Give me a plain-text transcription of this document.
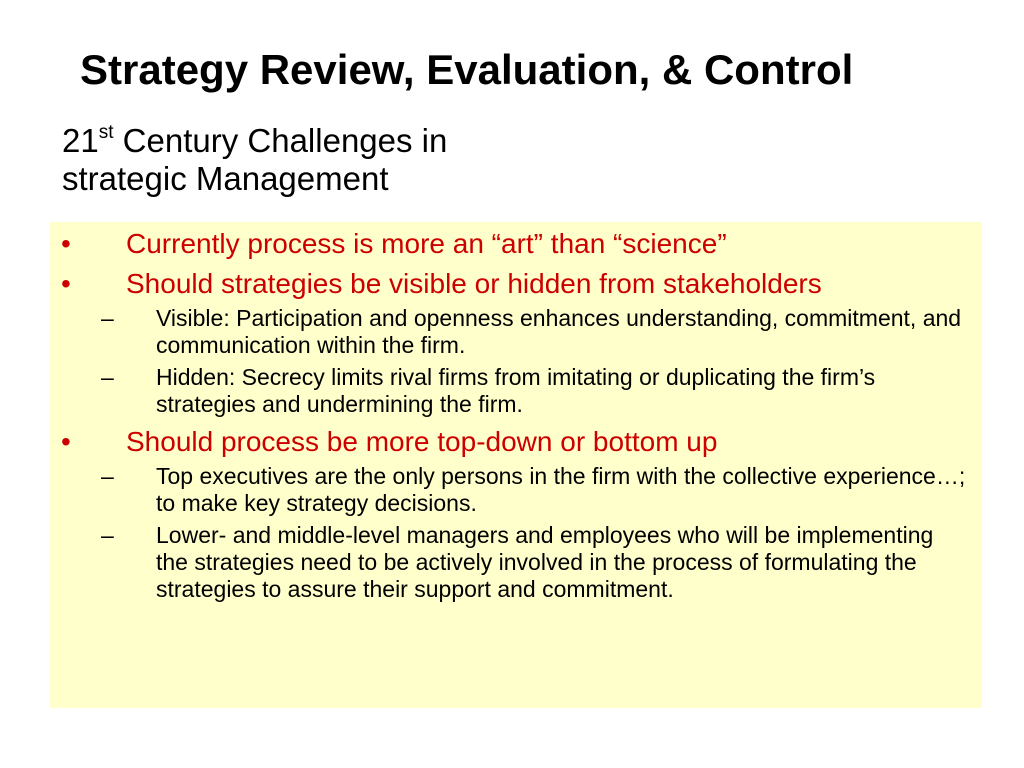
Strategy Review, Evaluation, & Control
21st Century Challenges in
strategic Management
• Currently process is more an “art” than “science”
• Should strategies be visible or hidden from stakeholders
– Visible: Participation and openness enhances understanding, commitment, and communication within the firm.
– Hidden: Secrecy limits rival firms from imitating or duplicating the firm’s strategies and undermining the firm.
• Should process be more top-down or bottom up
– Top executives are the only persons in the firm with the collective experience…; to make key strategy decisions.
– Lower- and middle-level managers and employees who will be implementing the strategies need to be actively involved in the process of formulating the strategies to assure their support and commitment.
